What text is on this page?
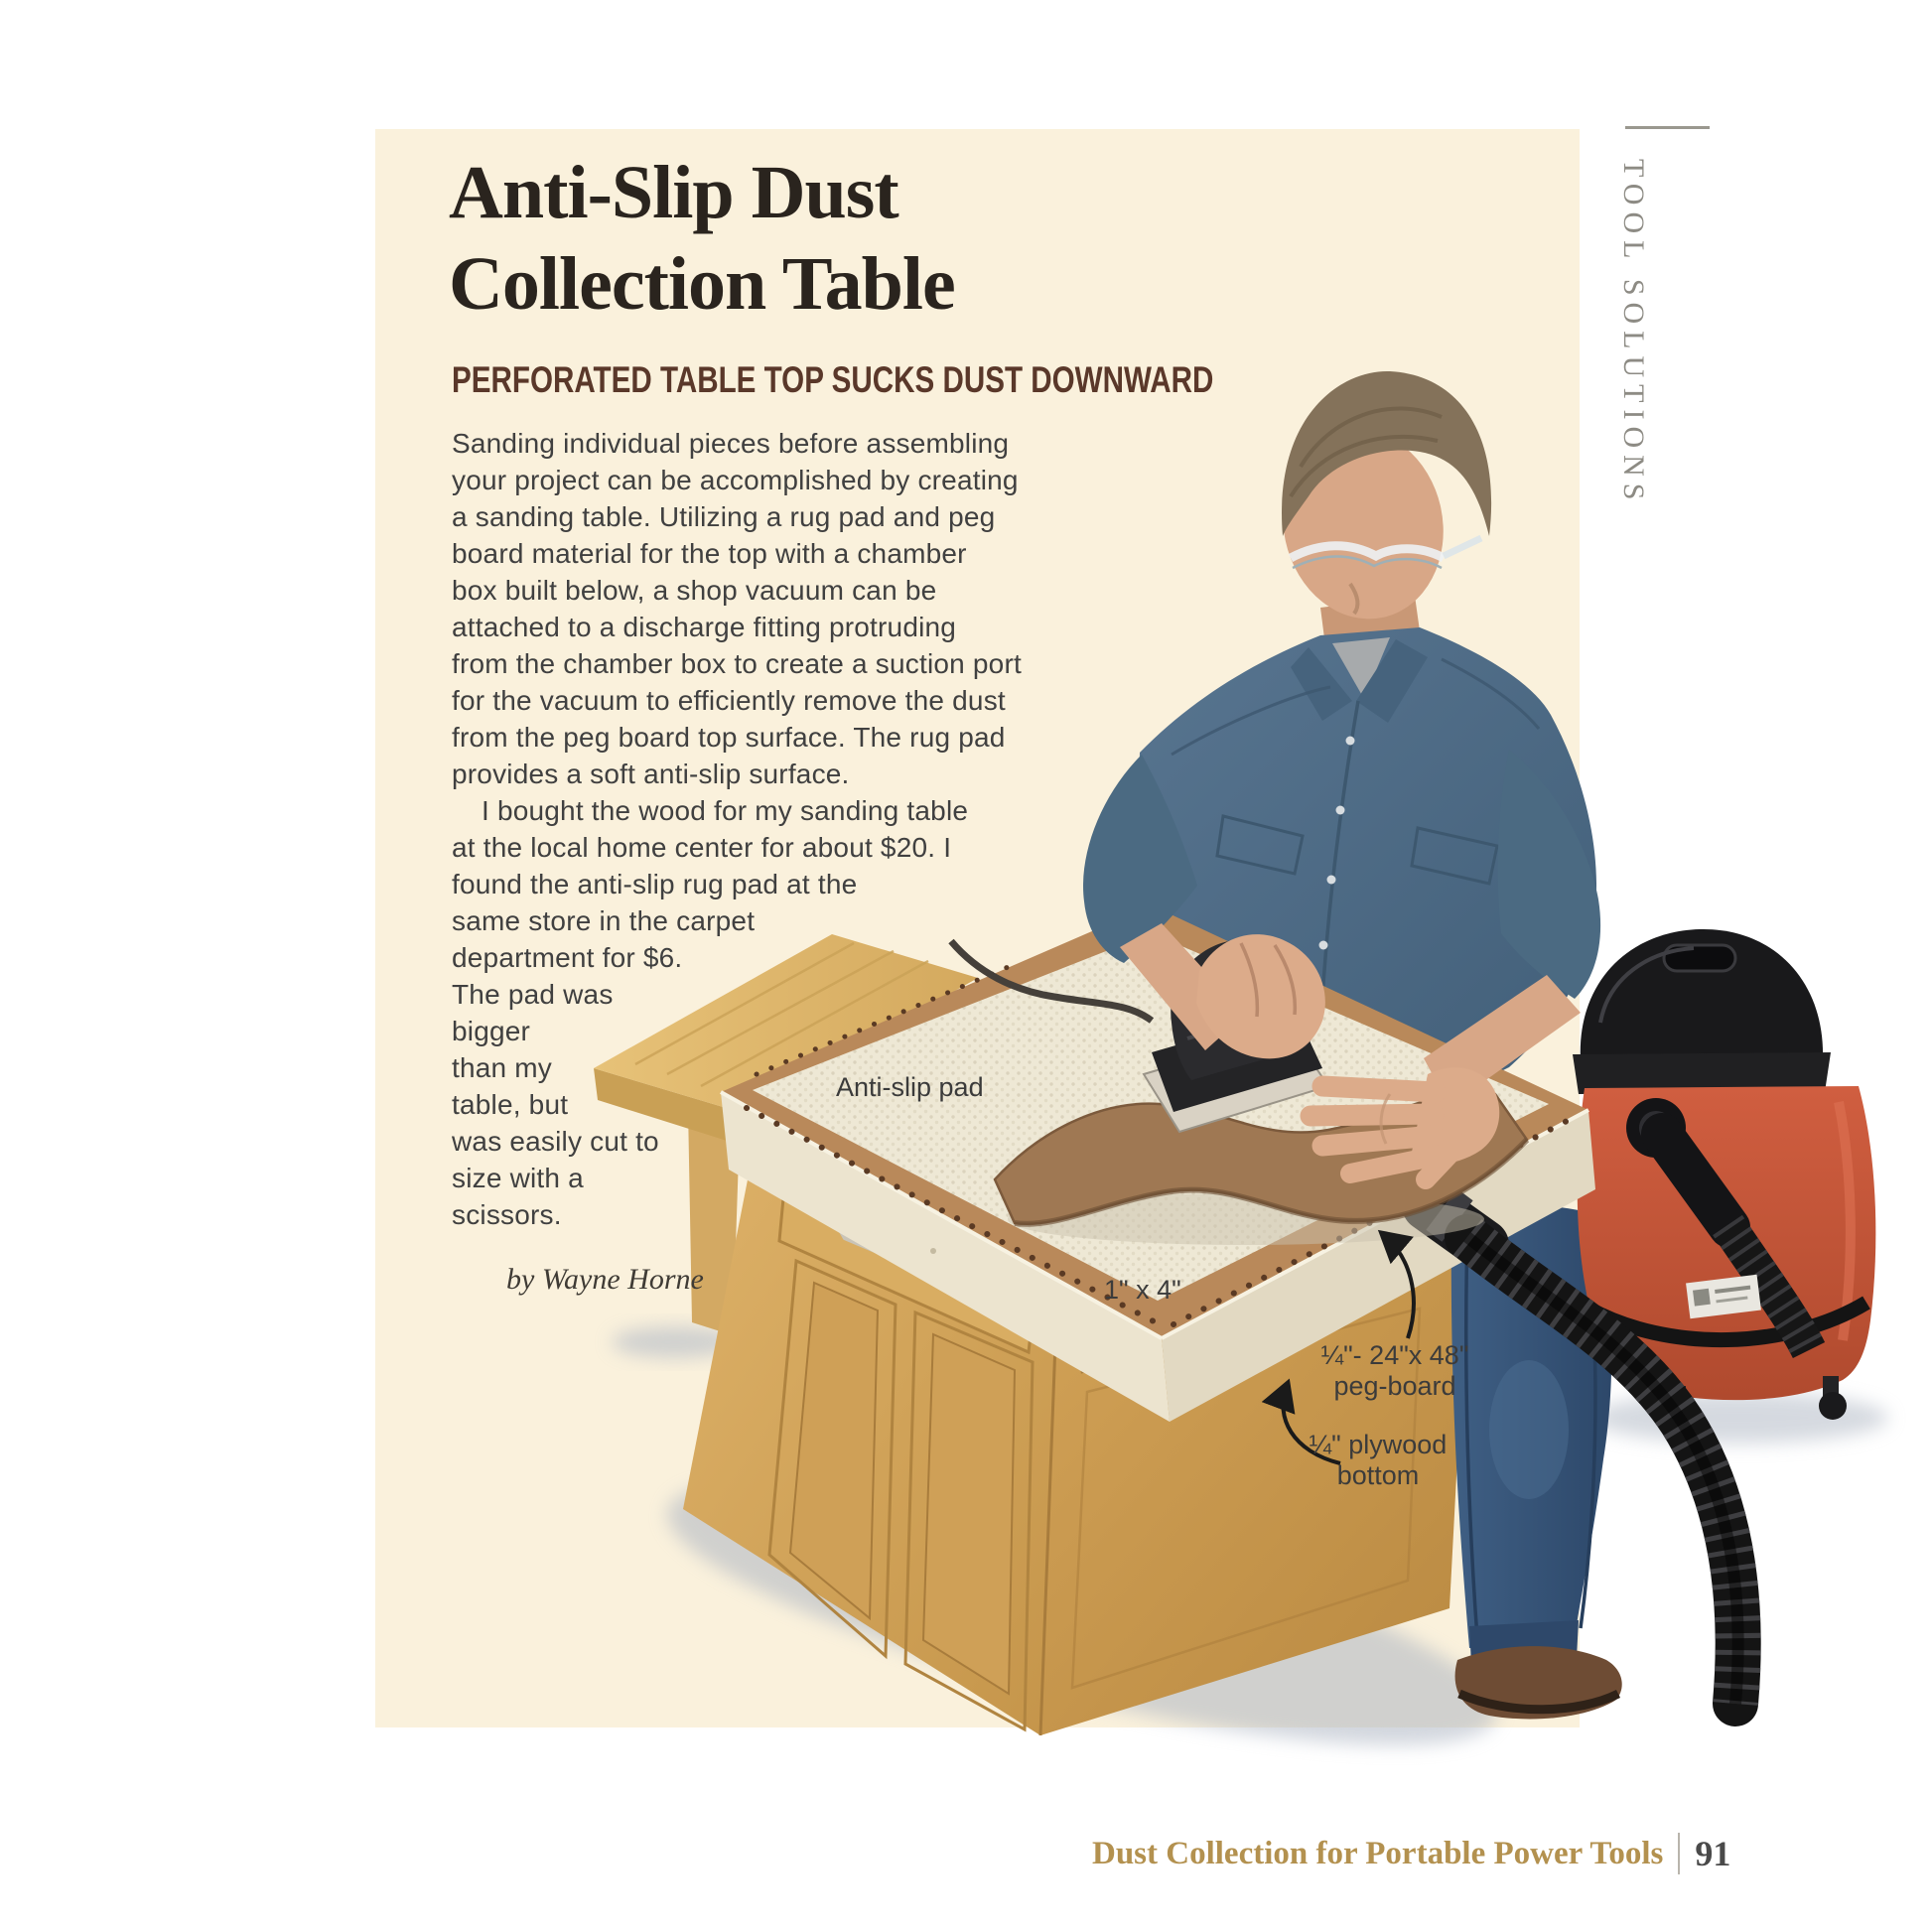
Anti-Slip Dust
Collection Table
PERFORATED TABLE TOP SUCKS DUST DOWNWARD
Sanding individual pieces before assembling
your project can be accomplished by creating
a sanding table. Utilizing a rug pad and peg
board material for the top with a chamber
box built below, a shop vacuum can be
attached to a discharge fitting protruding
from the chamber box to create a suction port
for the vacuum to efficiently remove the dust
from the peg board top surface. The rug pad
provides a soft anti-slip surface.
I bought the wood for my sanding table
at the local home center for about $20. I
found the anti-slip rug pad at the
same store in the carpet
department for $6.
The pad was
bigger
than my
table, but
was easily cut to
size with a
scissors.
by Wayne Horne
Anti-slip pad
1" x 4"
¼"- 24"x 48"
peg-board
¼" plywood
bottom
TOOL SOLUTIONS
Dust Collection for Portable Power Tools 91
